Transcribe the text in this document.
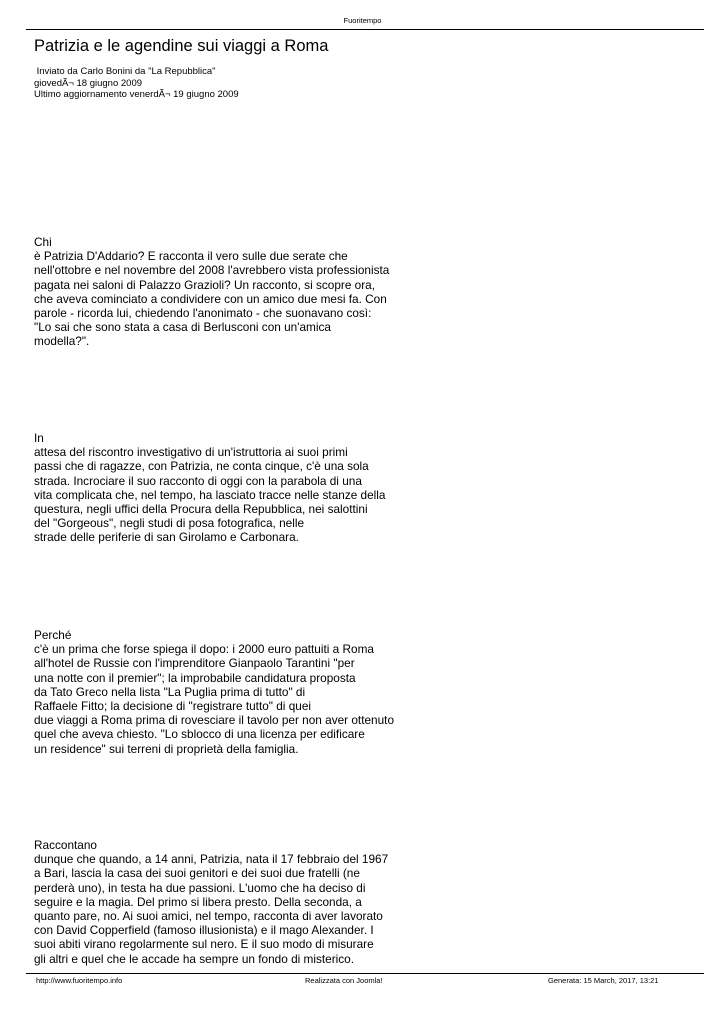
Fuoritempo
Patrizia e le agendine sui viaggi a Roma
Inviato da Carlo Bonini da "La Repubblica"
giovedÃ¬ 18 giugno 2009
Ultimo aggiornamento venerdÃ¬ 19 giugno 2009
Chi
è Patrizia D'Addario? E racconta il vero sulle due serate che
nell'ottobre e nel novembre del 2008 l'avrebbero vista professionista
pagata nei saloni di Palazzo Grazioli? Un racconto, si scopre ora,
che aveva cominciato a condividere con un amico due mesi fa. Con
parole - ricorda lui, chiedendo l'anonimato - che suonavano così:
"Lo sai che sono stata a casa di Berlusconi con un'amica
modella?".
In
attesa del riscontro investigativo di un'istruttoria ai suoi primi
passi che di ragazze, con Patrizia, ne conta cinque, c'è una sola
strada. Incrociare il suo racconto di oggi con la parabola di una
vita complicata che, nel tempo, ha lasciato tracce nelle stanze della
questura, negli uffici della Procura della Repubblica, nei salottini
del "Gorgeous", negli studi di posa fotografica, nelle
strade delle periferie di san Girolamo e Carbonara.
Perché
c'è un prima che forse spiega il dopo: i 2000 euro pattuiti a Roma
all'hotel de Russie con l'imprenditore Gianpaolo Tarantini "per
una notte con il premier"; la improbabile candidatura proposta
da Tato Greco nella lista "La Puglia prima di tutto" di
Raffaele Fitto; la decisione di "registrare tutto" di quei
due viaggi a Roma prima di rovesciare il tavolo per non aver ottenuto
quel che aveva chiesto. "Lo sblocco di una licenza per edificare
un residence" sui terreni di proprietà della famiglia.
Raccontano
dunque che quando, a 14 anni, Patrizia, nata il 17 febbraio del 1967
a Bari, lascia la casa dei suoi genitori e dei suoi due fratelli (ne
perderà uno), in testa ha due passioni. L'uomo che ha deciso di
seguire e la magia. Del primo si libera presto. Della seconda, a
quanto pare, no. Ai suoi amici, nel tempo, racconta di aver lavorato
con David Copperfield (famoso illusionista) e il mago Alexander. I
suoi abiti virano regolarmente sul nero. E il suo modo di misurare
gli altri e quel che le accade ha sempre un fondo di misterico.
http://www.fuoritempo.info	Realizzata con Joomla!	Generata: 15 March, 2017, 13:21
